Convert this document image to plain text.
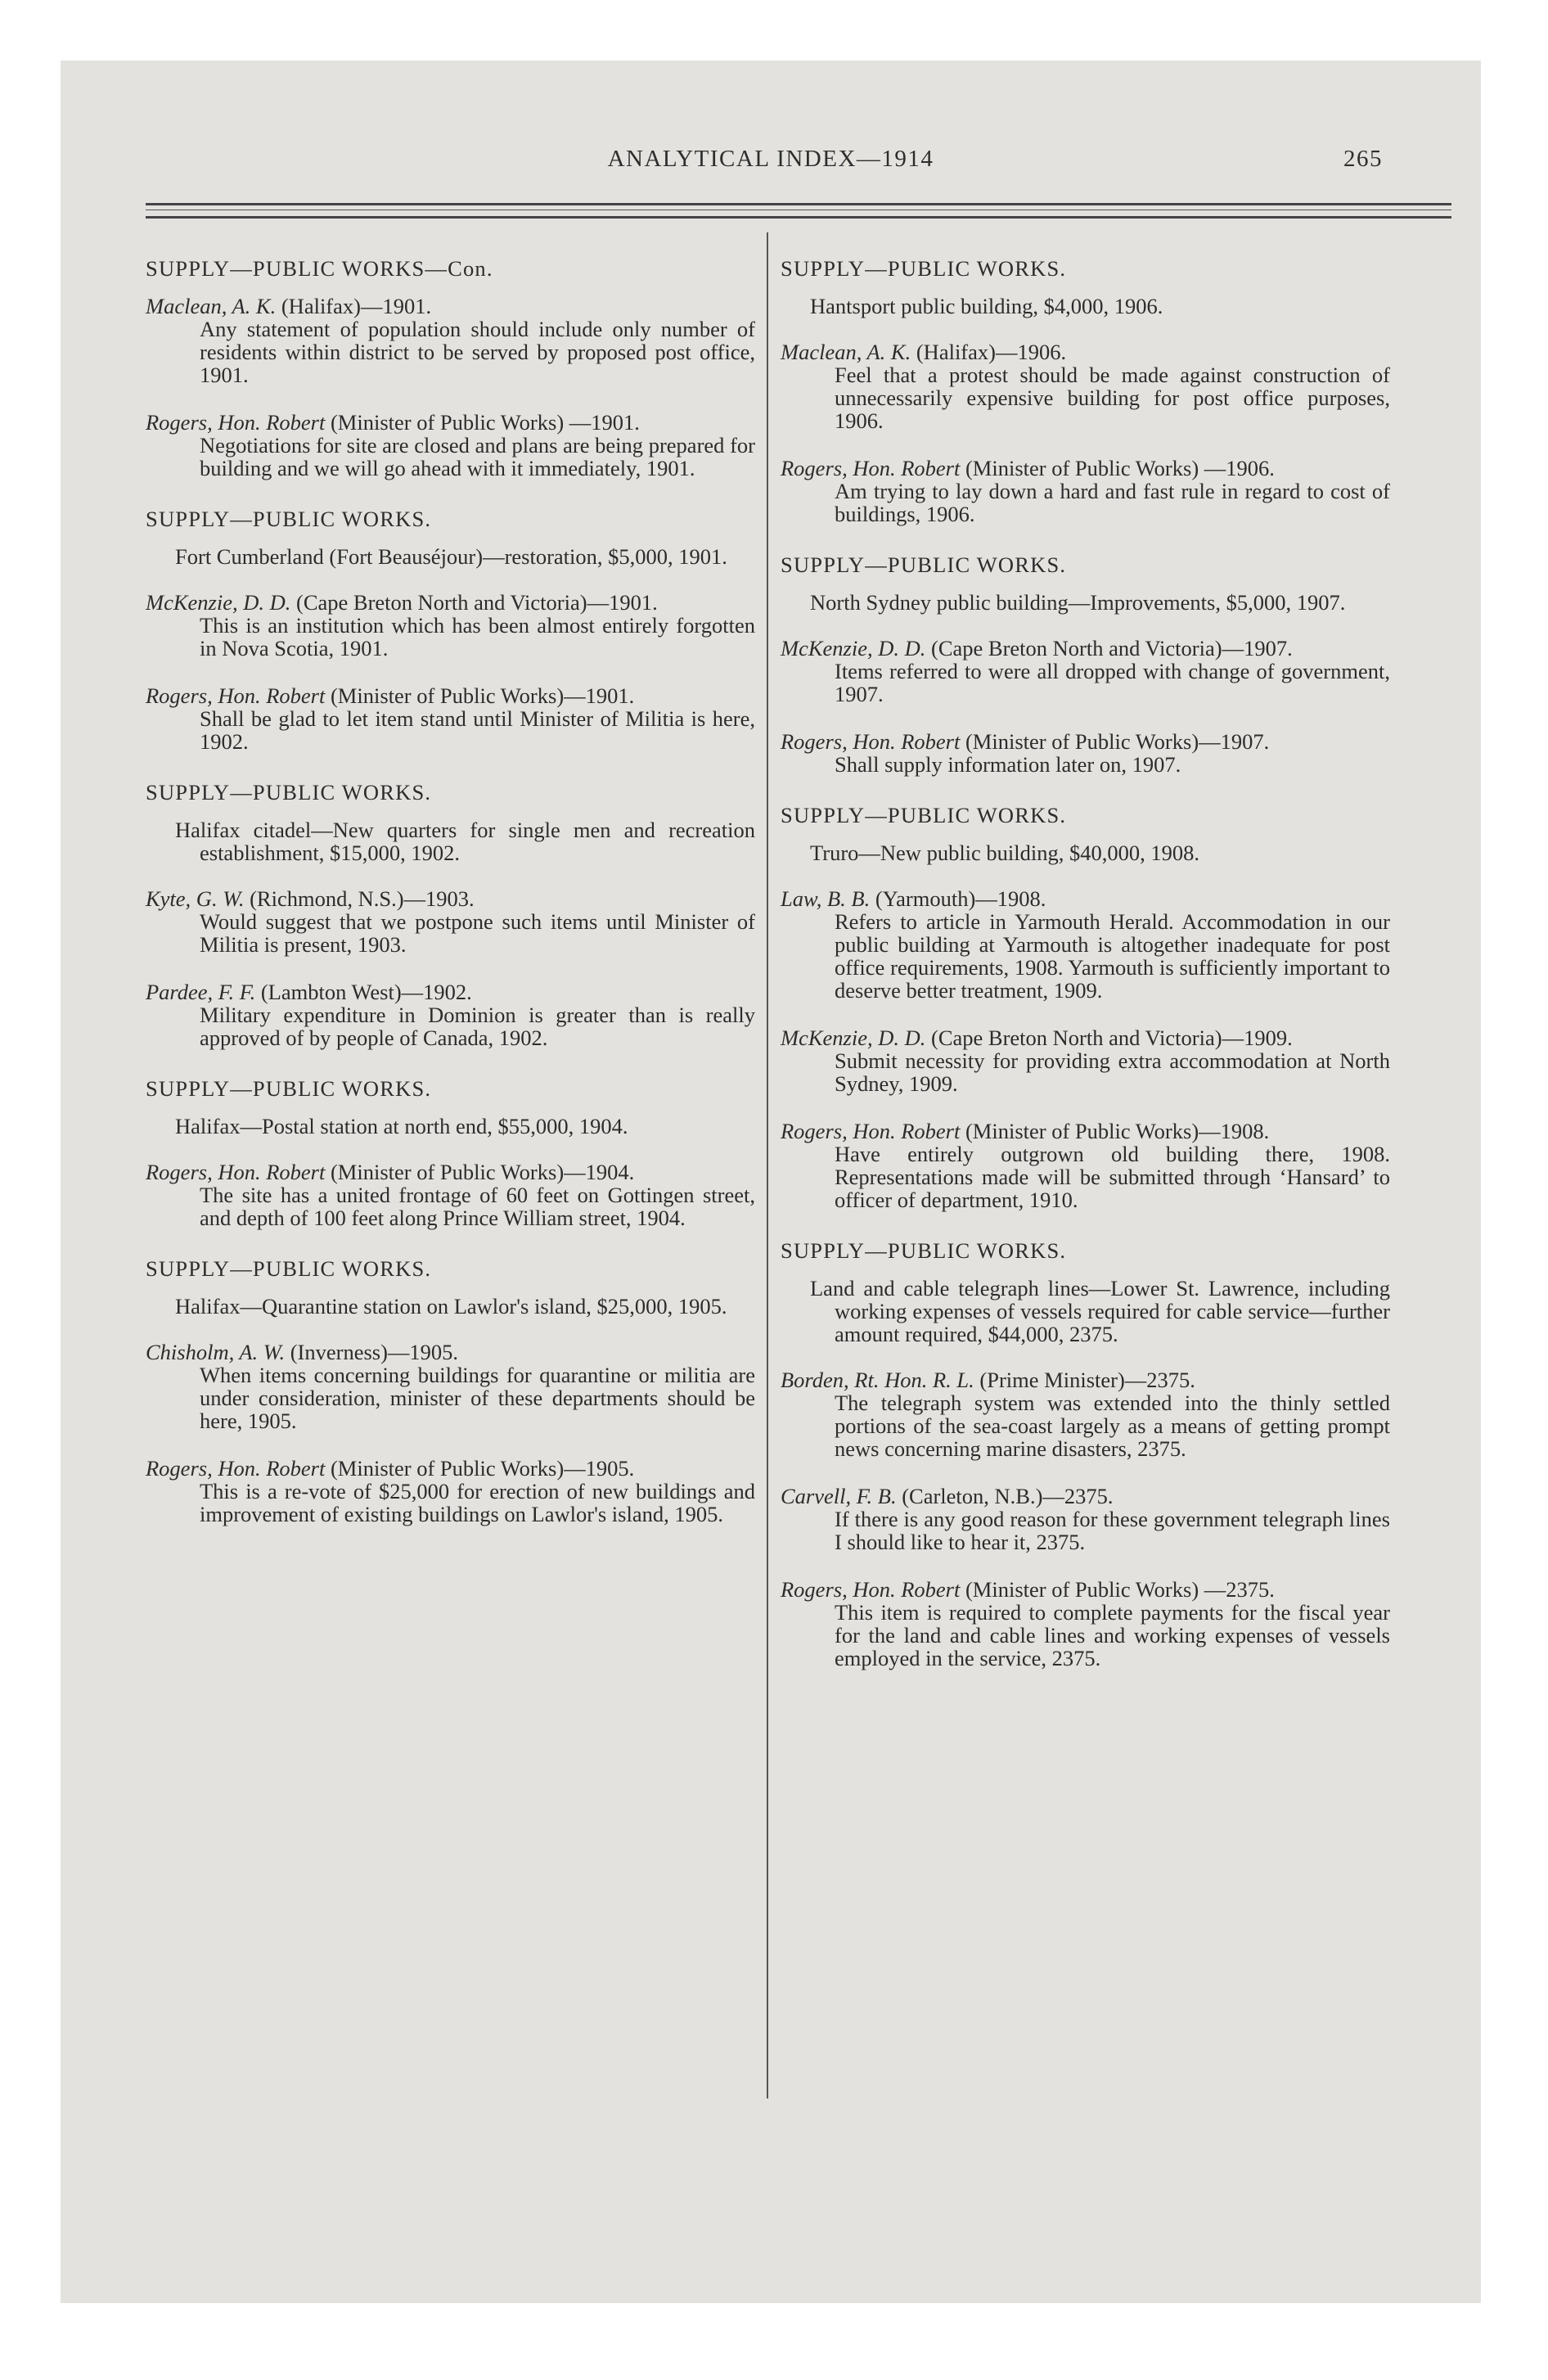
ANALYTICAL INDEX—1914	265
SUPPLY—PUBLIC WORKS—Con.
Maclean, A. K. (Halifax)—1901.
Any statement of population should include only number of residents within district to be served by proposed post office, 1901.
Rogers, Hon. Robert (Minister of Public Works) —1901.
Negotiations for site are closed and plans are being prepared for building and we will go ahead with it immediately, 1901.
SUPPLY—PUBLIC WORKS.
Fort Cumberland (Fort Beauséjour)—restoration, $5,000, 1901.
McKenzie, D. D. (Cape Breton North and Victoria)—1901.
This is an institution which has been almost entirely forgotten in Nova Scotia, 1901.
Rogers, Hon. Robert (Minister of Public Works)—1901.
Shall be glad to let item stand until Minister of Militia is here, 1902.
SUPPLY—PUBLIC WORKS.
Halifax citadel—New quarters for single men and recreation establishment, $15,000, 1902.
Kyte, G. W. (Richmond, N.S.)—1903.
Would suggest that we postpone such items until Minister of Militia is present, 1903.
Pardee, F. F. (Lambton West)—1902.
Military expenditure in Dominion is greater than is really approved of by people of Canada, 1902.
SUPPLY—PUBLIC WORKS.
Halifax—Postal station at north end, $55,000, 1904.
Rogers, Hon. Robert (Minister of Public Works)—1904.
The site has a united frontage of 60 feet on Gottingen street, and depth of 100 feet along Prince William street, 1904.
SUPPLY—PUBLIC WORKS.
Halifax—Quarantine station on Lawlor's island, $25,000, 1905.
Chisholm, A. W. (Inverness)—1905.
When items concerning buildings for quarantine or militia are under consideration, minister of these departments should be here, 1905.
Rogers, Hon. Robert (Minister of Public Works)—1905.
This is a re-vote of $25,000 for erection of new buildings and improvement of existing buildings on Lawlor's island, 1905.
SUPPLY—PUBLIC WORKS.
Hantsport public building, $4,000, 1906.
Maclean, A. K. (Halifax)—1906.
Feel that a protest should be made against construction of unnecessarily expensive building for post office purposes, 1906.
Rogers, Hon. Robert (Minister of Public Works) —1906.
Am trying to lay down a hard and fast rule in regard to cost of buildings, 1906.
SUPPLY—PUBLIC WORKS.
North Sydney public building—Improvements, $5,000, 1907.
McKenzie, D. D. (Cape Breton North and Victoria)—1907.
Items referred to were all dropped with change of government, 1907.
Rogers, Hon. Robert (Minister of Public Works)—1907.
Shall supply information later on, 1907.
SUPPLY—PUBLIC WORKS.
Truro—New public building, $40,000, 1908.
Law, B. B. (Yarmouth)—1908.
Refers to article in Yarmouth Herald. Accommodation in our public building at Yarmouth is altogether inadequate for post office requirements, 1908. Yarmouth is sufficiently important to deserve better treatment, 1909.
McKenzie, D. D. (Cape Breton North and Victoria)—1909.
Submit necessity for providing extra accommodation at North Sydney, 1909.
Rogers, Hon. Robert (Minister of Public Works)—1908.
Have entirely outgrown old building there, 1908. Representations made will be submitted through ‘Hansard’ to officer of department, 1910.
SUPPLY—PUBLIC WORKS.
Land and cable telegraph lines—Lower St. Lawrence, including working expenses of vessels required for cable service—further amount required, $44,000, 2375.
Borden, Rt. Hon. R. L. (Prime Minister)—2375.
The telegraph system was extended into the thinly settled portions of the sea-coast largely as a means of getting prompt news concerning marine disasters, 2375.
Carvell, F. B. (Carleton, N.B.)—2375.
If there is any good reason for these government telegraph lines I should like to hear it, 2375.
Rogers, Hon. Robert (Minister of Public Works) —2375.
This item is required to complete payments for the fiscal year for the land and cable lines and working expenses of vessels employed in the service, 2375.
